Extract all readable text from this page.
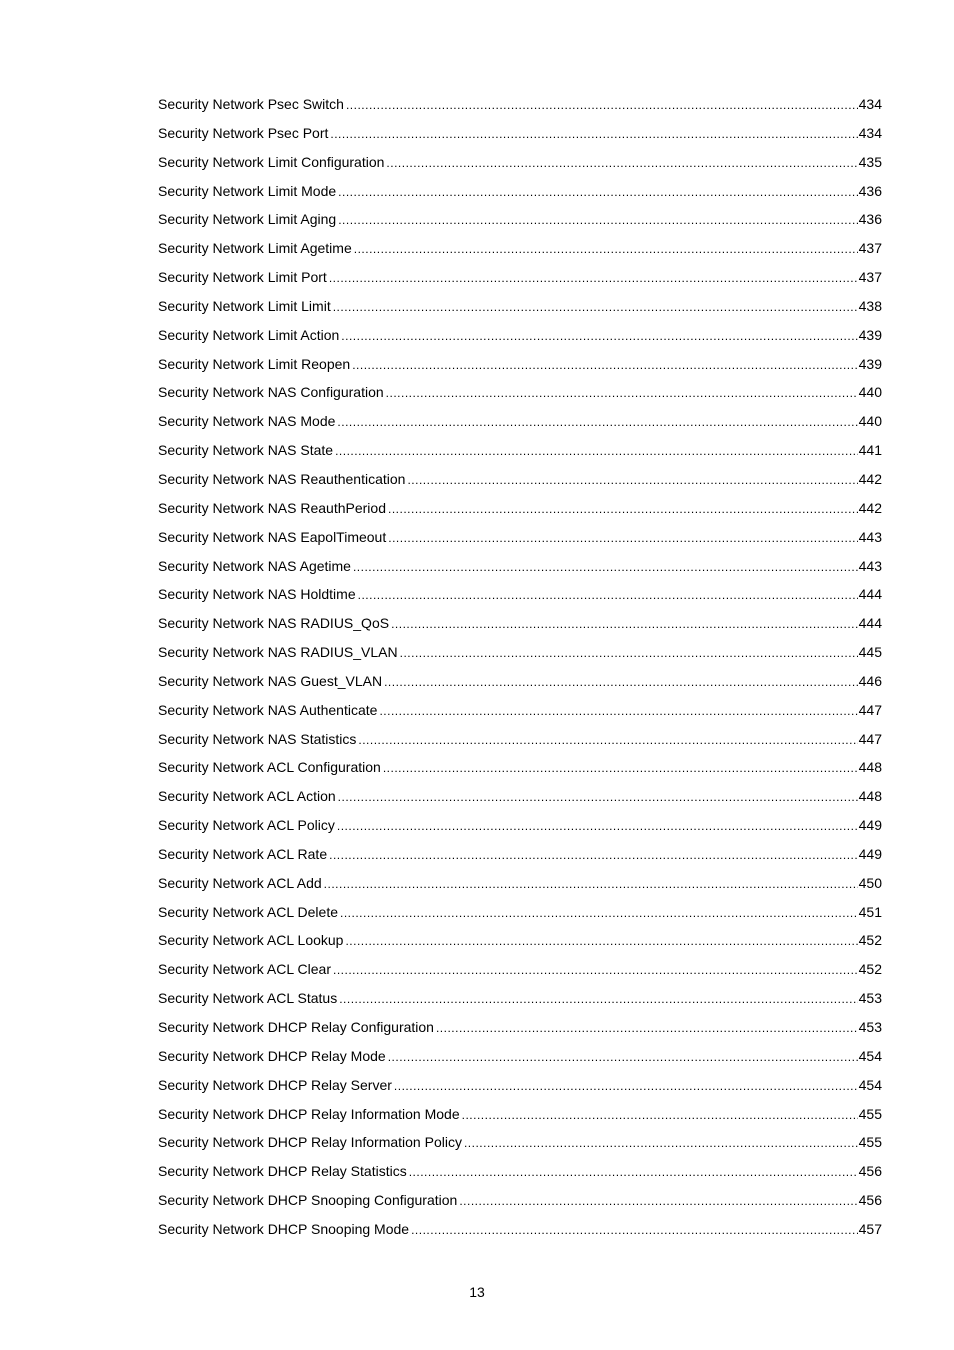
Security Network Psec Switch .....	434
Security Network Psec Port .....	434
Security Network Limit Configuration .....	435
Security Network Limit Mode .....	436
Security Network Limit Aging .....	436
Security Network Limit Agetime .....	437
Security Network Limit Port .....	437
Security Network Limit Limit .....	438
Security Network Limit Action .....	439
Security Network Limit Reopen .....	439
Security Network NAS Configuration .....	440
Security Network NAS Mode .....	440
Security Network NAS State .....	441
Security Network NAS Reauthentication .....	442
Security Network NAS ReauthPeriod .....	442
Security Network NAS EapolTimeout .....	443
Security Network NAS Agetime .....	443
Security Network NAS Holdtime .....	444
Security Network NAS RADIUS_QoS .....	444
Security Network NAS RADIUS_VLAN .....	445
Security Network NAS Guest_VLAN .....	446
Security Network NAS Authenticate .....	447
Security Network NAS Statistics .....	447
Security Network ACL Configuration .....	448
Security Network ACL Action .....	448
Security Network ACL Policy .....	449
Security Network ACL Rate .....	449
Security Network ACL Add .....	450
Security Network ACL Delete .....	451
Security Network ACL Lookup .....	452
Security Network ACL Clear .....	452
Security Network ACL Status .....	453
Security Network DHCP Relay Configuration .....	453
Security Network DHCP Relay Mode .....	454
Security Network DHCP Relay Server .....	454
Security Network DHCP Relay Information Mode .....	455
Security Network DHCP Relay Information Policy .....	455
Security Network DHCP Relay Statistics .....	456
Security Network DHCP Snooping Configuration .....	456
Security Network DHCP Snooping Mode .....	457
13
